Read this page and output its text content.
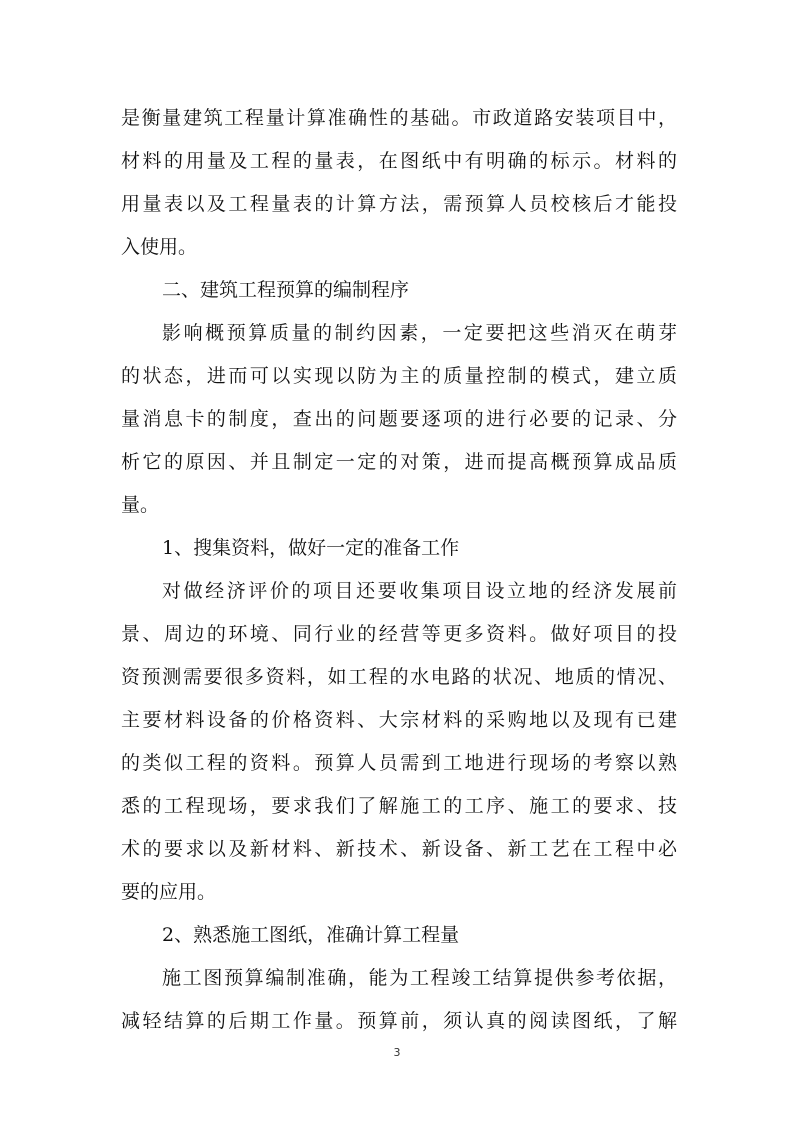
是衡量建筑工程量计算准确性的基础。市政道路安装项目中，
材料的用量及工程的量表，在图纸中有明确的标示。材料的
用量表以及工程量表的计算方法，需预算人员校核后才能投
入使用。
二、建筑工程预算的编制程序
影响概预算质量的制约因素，一定要把这些消灭在萌芽
的状态，进而可以实现以防为主的质量控制的模式，建立质
量消息卡的制度，查出的问题要逐项的进行必要的记录、分
析它的原因、并且制定一定的对策，进而提高概预算成品质
量。
1、搜集资料，做好一定的准备工作
对做经济评价的项目还要收集项目设立地的经济发展前
景、周边的环境、同行业的经营等更多资料。做好项目的投
资预测需要很多资料，如工程的水电路的状况、地质的情况、
主要材料设备的价格资料、大宗材料的采购地以及现有已建
的类似工程的资料。预算人员需到工地进行现场的考察以熟
悉的工程现场，要求我们了解施工的工序、施工的要求、技
术的要求以及新材料、新技术、新设备、新工艺在工程中必
要的应用。
2、熟悉施工图纸，准确计算工程量
施工图预算编制准确，能为工程竣工结算提供参考依据，
减轻结算的后期工作量。预算前，须认真的阅读图纸，了解
3
